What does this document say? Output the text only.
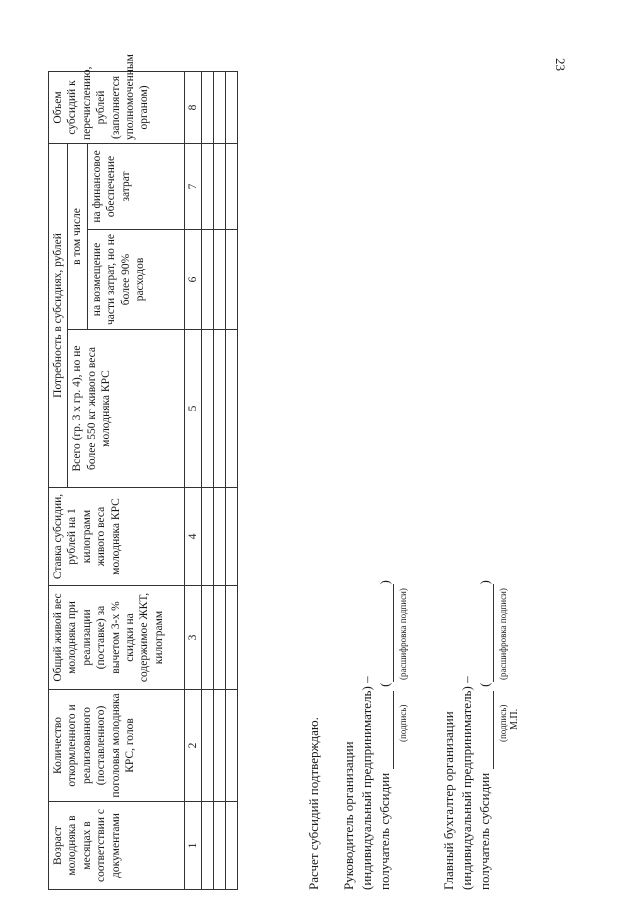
23
Возраст молодняка в месяцах в соответствии с документами	Количество откормленного и реализованного (поставленного) поголовья молодняка КРС, голов	Общий живой вес молодняка при реализации (поставке) за вычетом 3-х % скидки на содержимое ЖКТ, килограмм	Ставка субсидии, рублей на 1 килограмм живого веса молодняка КРС	Потребность в субсидиях, рублей			Объем субсидий к перечислению, рублей (заполняется уполномоченным органом)
				Всего (гр. 3 х гр. 4), но не более 550 кг живого веса молодняка КРС	в том числе		
					на возмещение части затрат, но не более 90% расходов	на финансовое обеспечение затрат	
1	2	3	4	5	6	7	8

Расчет субсидий подтверждаю. Руководитель организации (индивидуальный предприниматель) – получатель субсидии
(
)
(подпись)
(расшифровка подписи)
Главный бухгалтер организации (индивидуальный предприниматель) – получатель субсидии
(
)
(подпись)
(расшифровка подписи)
М.П.
